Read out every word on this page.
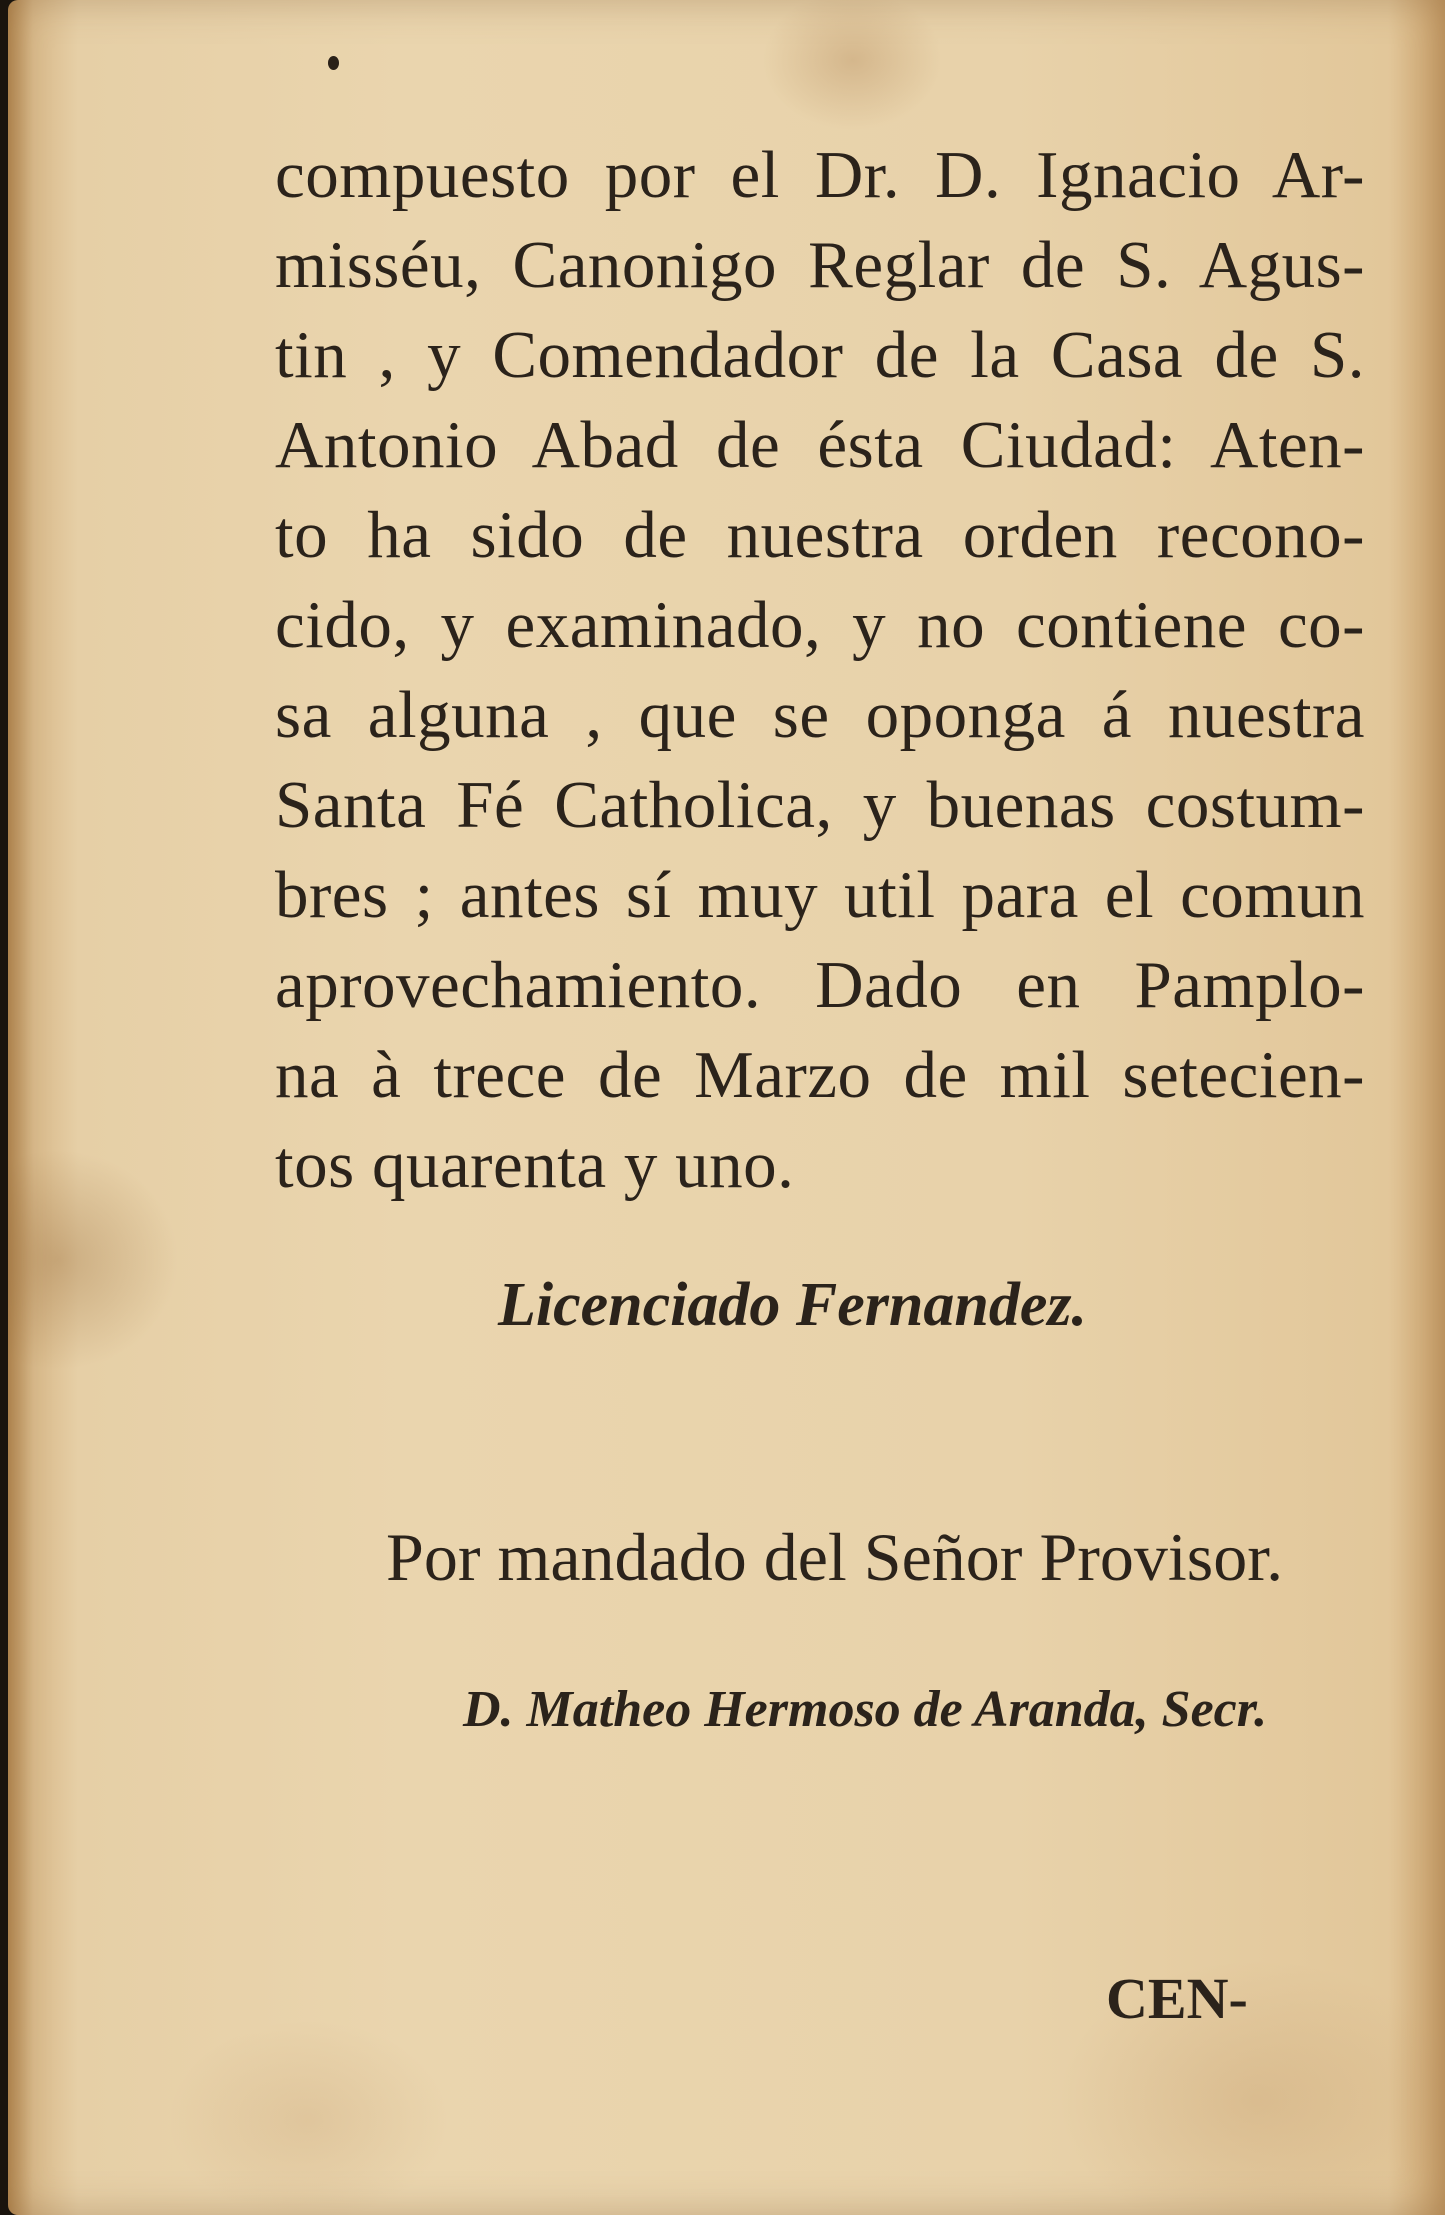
compuesto por el Dr. D. Ignacio Ar-
misséu, Canonigo Reglar de S. Agus-
tin , y Comendador de la Casa de S.
Antonio Abad de ésta Ciudad: Aten-
to ha sido de nuestra orden recono-
cido, y examinado, y no contiene co-
sa alguna , que se oponga á nuestra
Santa Fé Catholica, y buenas costum-
bres ; antes sí muy util para el comun
aprovechamiento. Dado en Pamplo-
na à trece de Marzo de mil setecien-
tos quarenta y uno.

Licenciado Fernandez.

Por mandado del Señor Provisor.

D. Matheo Hermoso de Aranda, Secr.

CEN-
